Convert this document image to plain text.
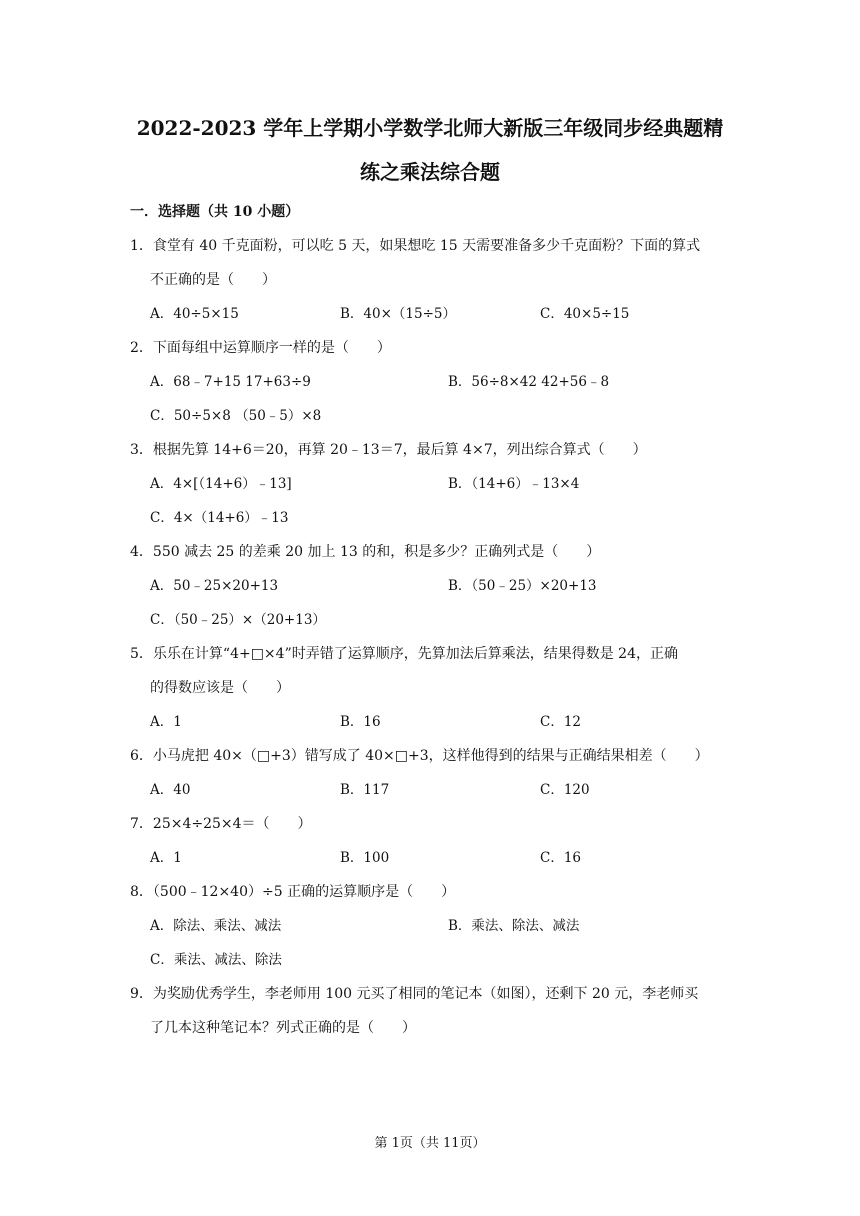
2022-2023 学年上学期小学数学北师大新版三年级同步经典题精
练之乘法综合题
一．选择题（共 10 小题）
1．食堂有 40 千克面粉，可以吃 5 天，如果想吃 15 天需要准备多少千克面粉？下面的算式
不正确的是（　　）
A．40÷5×15	B．40×（15÷5）	C．40×5÷15
2．下面每组中运算顺序一样的是（　　）
A．68﹣7+15 17+63÷9	B．56÷8×42 42+56﹣8
C．50÷5×8 （50﹣5）×8
3．根据先算 14+6＝20，再算 20﹣13＝7，最后算 4×7，列出综合算式（　　）
A．4×[（14+6）﹣13]	B．（14+6）﹣13×4
C．4×（14+6）﹣13
4．550 减去 25 的差乘 20 加上 13 的和，积是多少？正确列式是（　　）
A．50﹣25×20+13	B．（50﹣25）×20+13
C．（50﹣25）×（20+13）
5．乐乐在计算“4+□×4”时弄错了运算顺序，先算加法后算乘法，结果得数是 24，正确
的得数应该是（　　）
A．1	B．16	C．12
6．小马虎把 40×（□+3）错写成了 40×□+3，这样他得到的结果与正确结果相差（　　）
A．40	B．117	C．120
7．25×4÷25×4＝（　　）
A．1	B．100	C．16
8．（500﹣12×40）÷5 正确的运算顺序是（　　）
A．除法、乘法、减法	B．乘法、除法、减法
C．乘法、减法、除法
9．为奖励优秀学生，李老师用 100 元买了相同的笔记本（如图），还剩下 20 元，李老师买
了几本这种笔记本？列式正确的是（　　）
第 1页（共 11页）
